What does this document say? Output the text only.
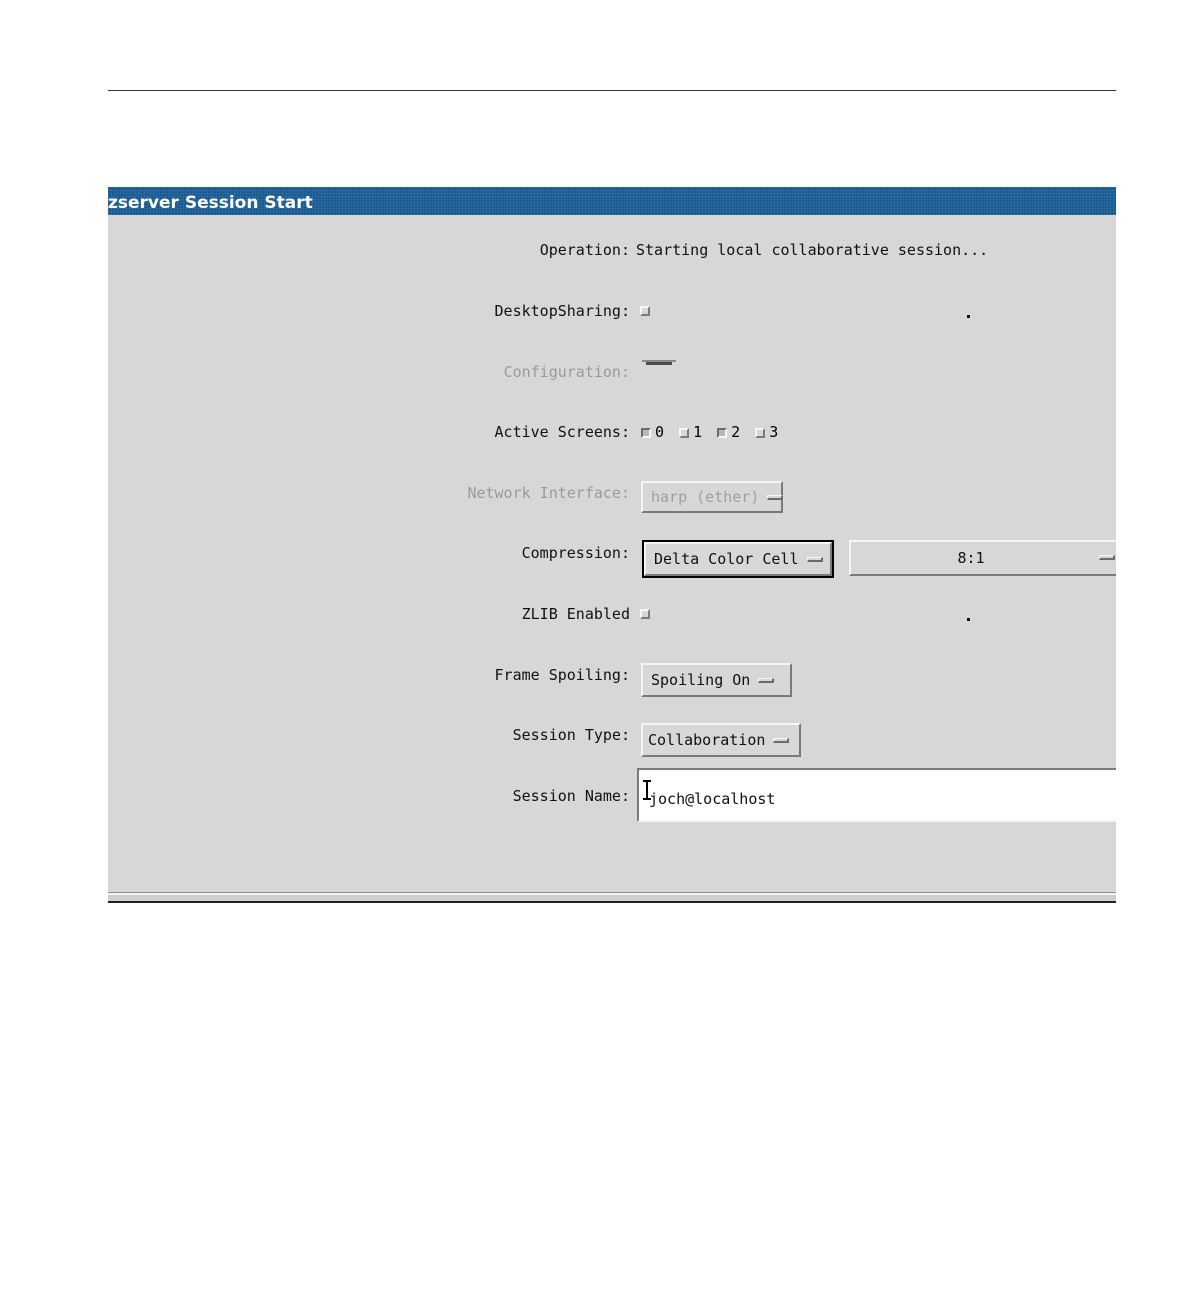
zserver Session Start
Operation: Starting local collaborative session...
DesktopSharing:
Configuration:
Active Screens:	0 1 2 3
Network Interface:	harp (ether)
Compression:	Delta Color Cell	8:1
ZLIB Enabled
Frame Spoiling:	Spoiling On
Session Type:	Collaboration
Session Name:
joch@localhost
